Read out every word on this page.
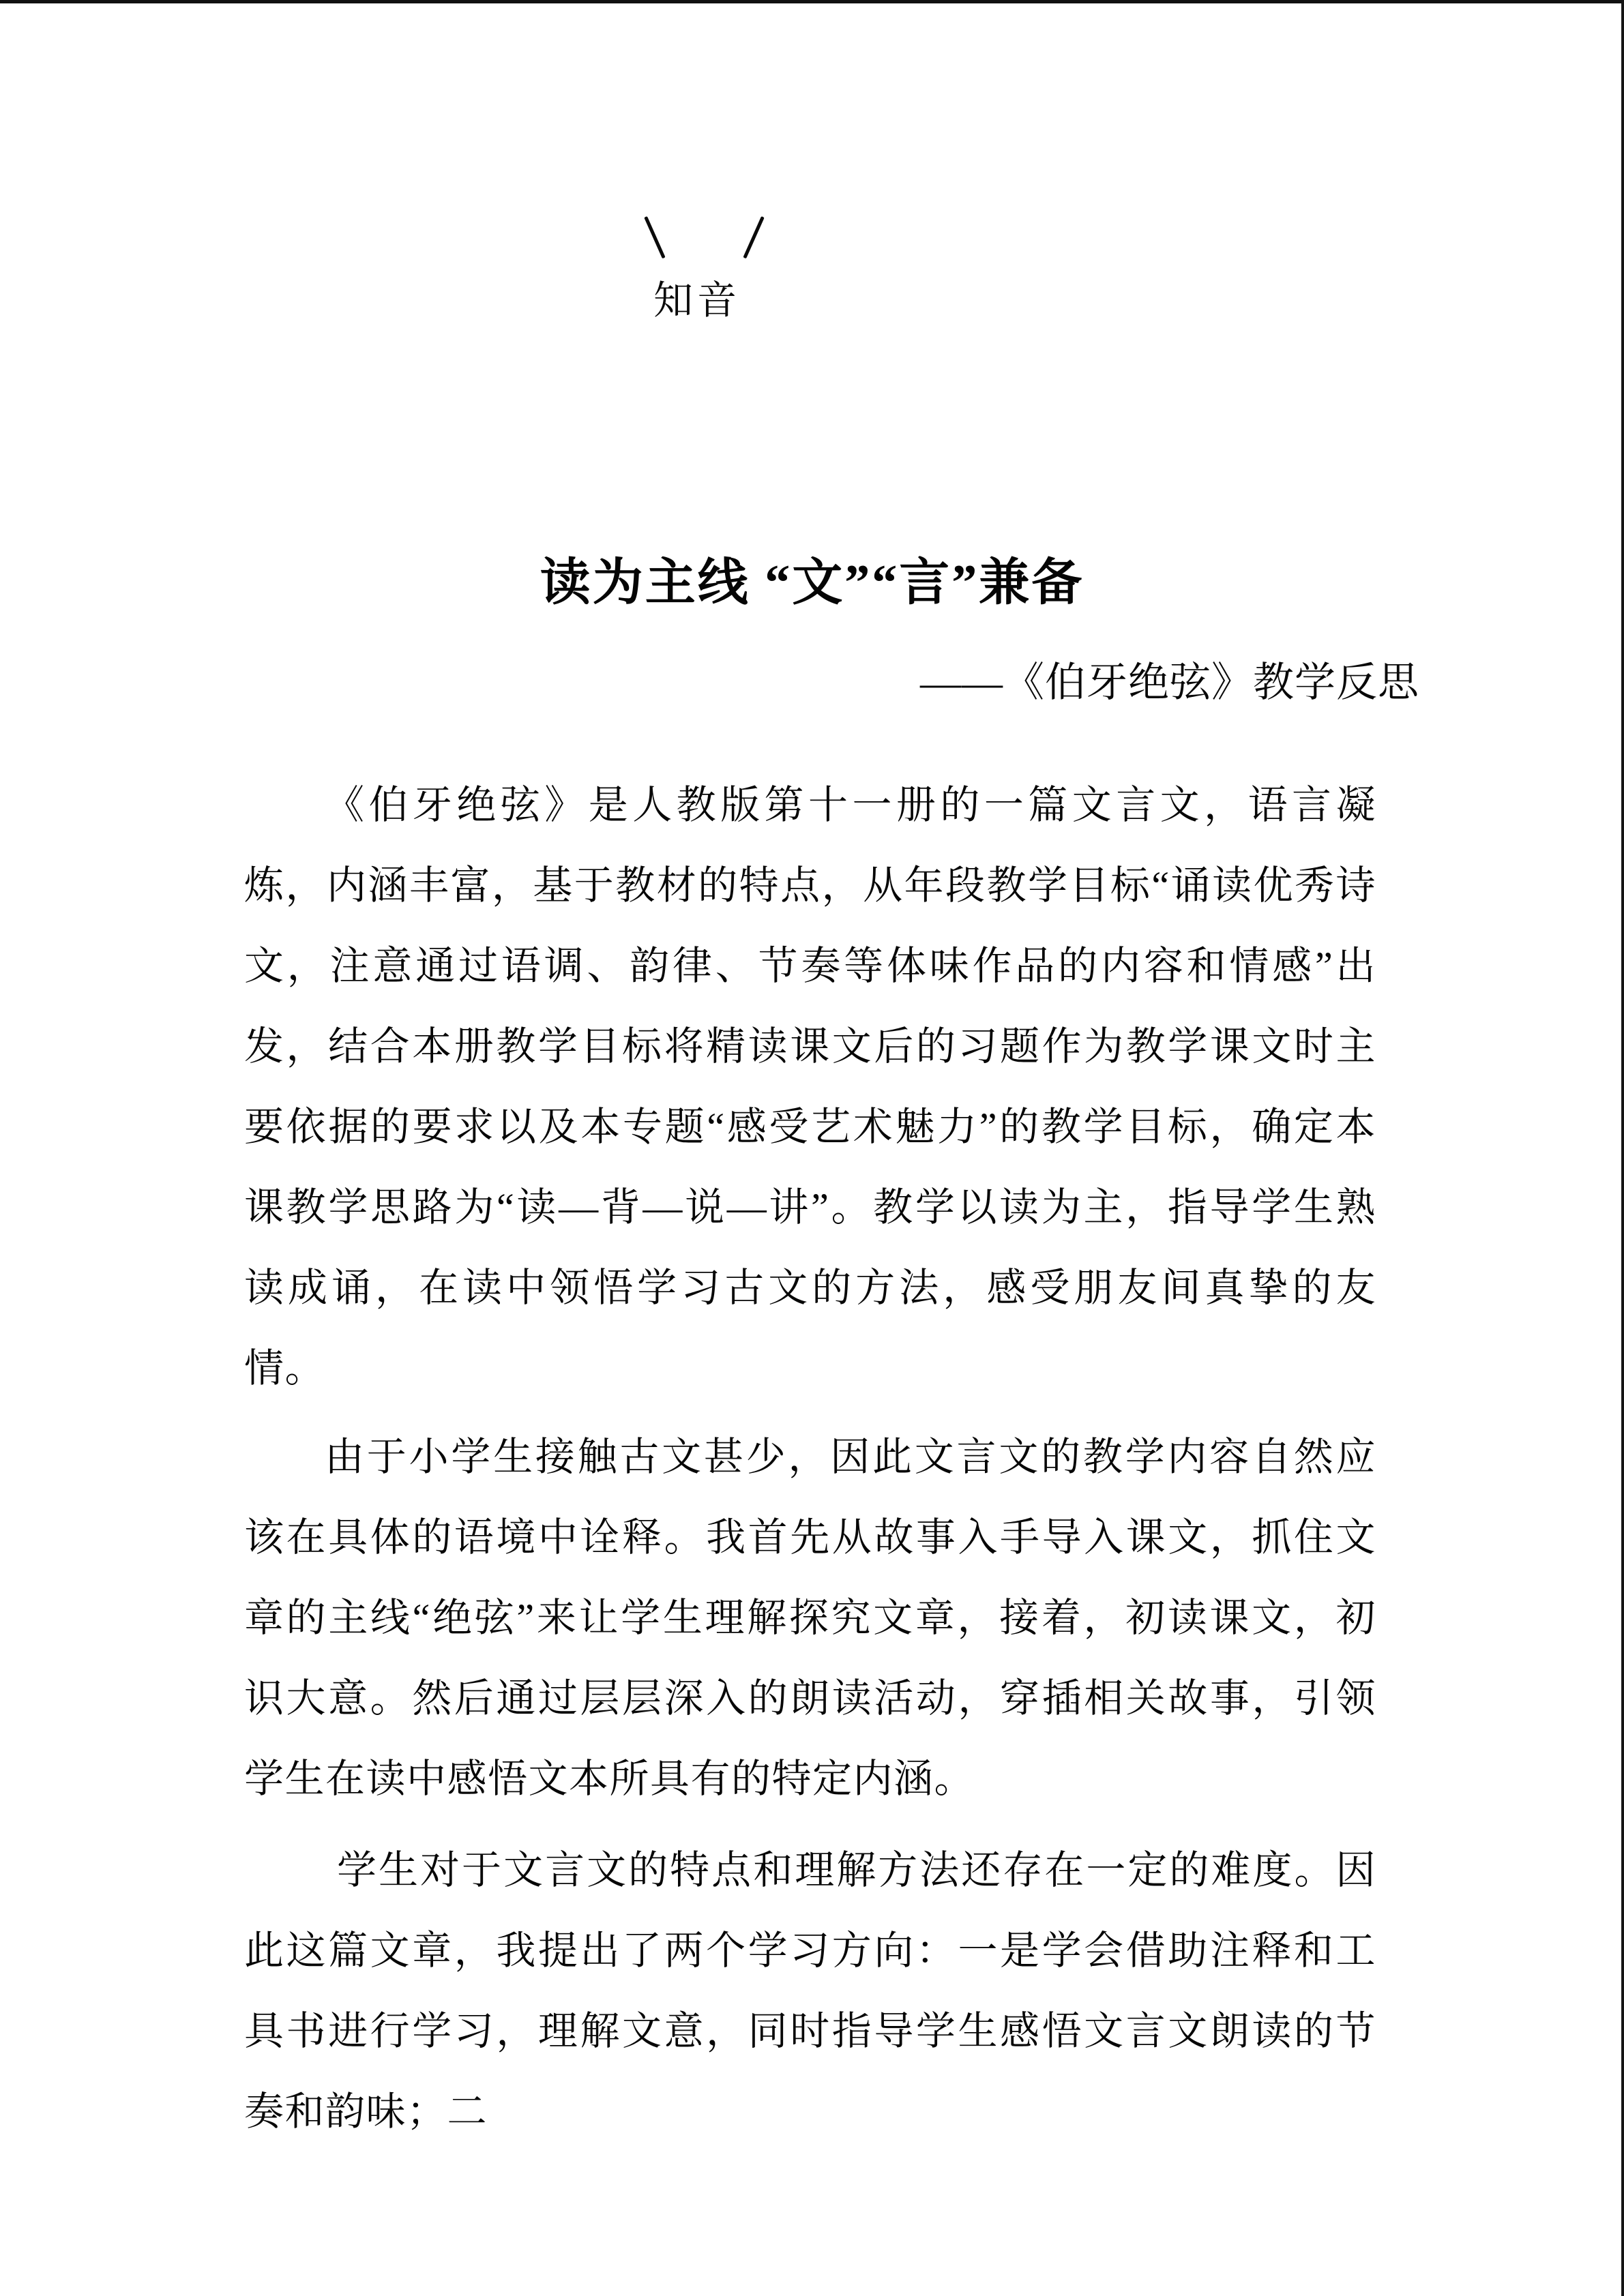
知音
读为主线 “文”“言”兼备
——《伯牙绝弦》教学反思

《伯牙绝弦》是人教版第十一册的一篇文言文，语言凝炼，内涵丰富，基于教材的特点，从年段教学目标“诵读优秀诗文，注意通过语调、韵律、节奏等体味作品的内容和情感”出发，结合本册教学目标将精读课文后的习题作为教学课文时主要依据的要求以及本专题“感受艺术魅力”的教学目标，确定本课教学思路为“读—背—说—讲”。教学以读为主，指导学生熟读成诵，在读中领悟学习古文的方法，感受朋友间真挚的友情。

由于小学生接触古文甚少，因此文言文的教学内容自然应该在具体的语境中诠释。我首先从故事入手导入课文，抓住文章的主线“绝弦”来让学生理解探究文章，接着，初读课文，初识大意。然后通过层层深入的朗读活动，穿插相关故事，引领学生在读中感悟文本所具有的特定内涵。

学生对于文言文的特点和理解方法还存在一定的难度。因此这篇文章，我提出了两个学习方向：一是学会借助注释和工具书进行学习，理解文意，同时指导学生感悟文言文朗读的节奏和韵味；二
